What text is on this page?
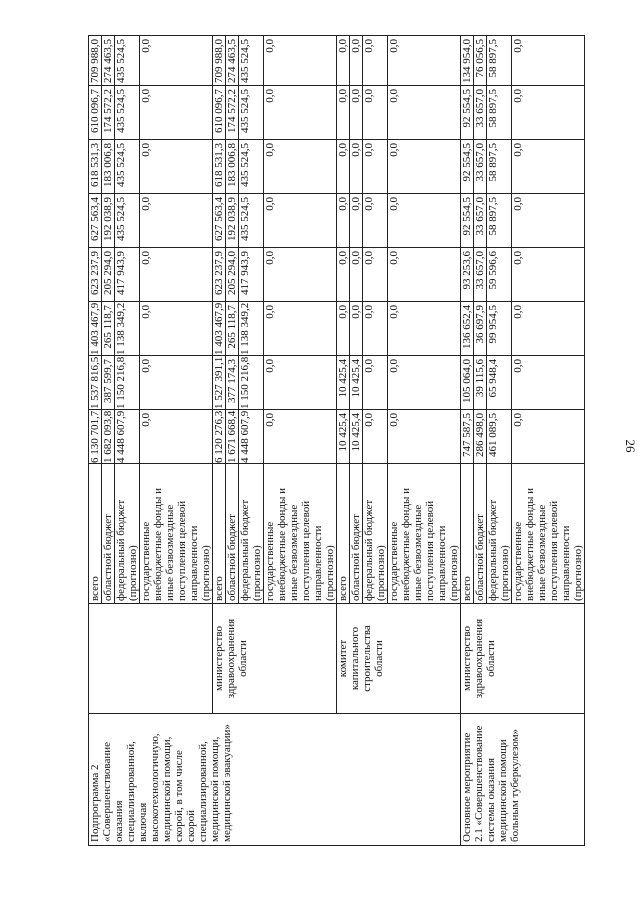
26
Подпрограмма 2 «Совершенствование оказания специализированной, включая высокотехнологичную, медицинской помощи, скорой, в том числе скорой специализированной, медицинской помощи, медицинской эвакуации»		всего	6 130 701,7	1 537 816,5	1 403 467,9	623 237,9	627 563,4	618 531,3	610 096,7	709 988,0
		областной бюджет	1 682 093,8	387 599,7	265 118,7	205 294,0	192 038,9	183 006,8	174 572,2	274 463,5
		федеральный бюджет (прогнозно)	4 448 607,9	1 150 216,8	1 138 349,2	417 943,9	435 524,5	435 524,5	435 524,5	435 524,5
		государственные внебюджетные фонды и иные безвозмездные поступления целевой направленности (прогнозно)	0,0	0,0	0,0	0,0	0,0	0,0	0,0	0,0
	министерство здравоохранения области	всего	6 120 276,3	1 527 391,1	1 403 467,9	623 237,9	627 563,4	618 531,3	610 096,7	709 988,0
		областной бюджет	1 671 668,4	377 174,3	265 118,7	205 294,0	192 038,9	183 006,8	174 572,2	274 463,5
		федеральный бюджет (прогнозно)	4 448 607,9	1 150 216,8	1 138 349,2	417 943,9	435 524,5	435 524,5	435 524,5	435 524,5
		государственные внебюджетные фонды и иные безвозмездные поступления целевой направленности (прогнозно)	0,0	0,0	0,0	0,0	0,0	0,0	0,0	0,0
	комитет капитального строительства области	всего	10 425,4	10 425,4	0,0	0,0	0,0	0,0	0,0	0,0
		областной бюджет	10 425,4	10 425,4	0,0	0,0	0,0	0,0	0,0	0,0
		федеральный бюджет (прогнозно)	0,0	0,0	0,0	0,0	0,0	0,0	0,0	0,0
		государственные внебюджетные фонды и иные безвозмездные поступления целевой направленности (прогнозно)	0,0	0,0	0,0	0,0	0,0	0,0	0,0	0,0
Основное мероприятие 2.1 «Совершенствование системы оказания медицинской помощи больным туберкулезом»	министерство здравоохранения области	всего	747 587,5	105 064,0	136 652,4	93 253,6	92 554,5	92 554,5	92 554,5	134 954,0
		областной бюджет	286 498,0	39 115,6	36 697,9	33 657,0	33 657,0	33 657,0	33 657,0	76 056,5
		федеральный бюджет (прогнозно)	461 089,5	65 948,4	99 954,5	59 596,6	58 897,5	58 897,5	58 897,5	58 897,5
		государственные внебюджетные фонды и иные безвозмездные поступления целевой направленности (прогнозно)	0,0	0,0	0,0	0,0	0,0	0,0	0,0	0,0
